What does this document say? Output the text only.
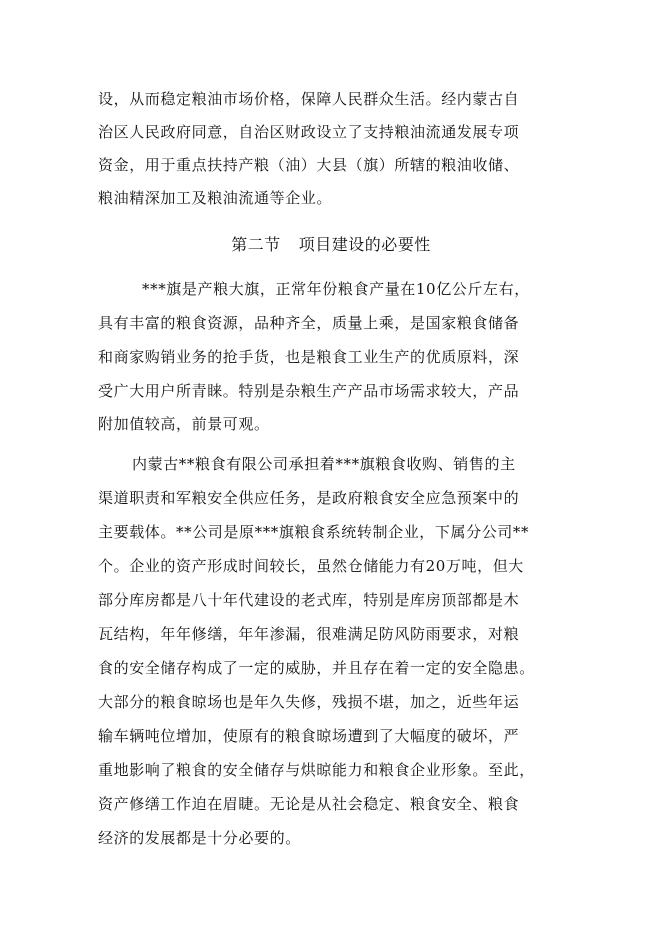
设，从而稳定粮油市场价格，保障人民群众生活。经内蒙古自
治区人民政府同意，自治区财政设立了支持粮油流通发展专项
资金，用于重点扶持产粮（油）大县（旗）所辖的粮油收储、
粮油精深加工及粮油流通等企业。
第二节 项目建设的必要性
***旗是产粮大旗，正常年份粮食产量在10亿公斤左右，
具有丰富的粮食资源，品种齐全，质量上乘，是国家粮食储备
和商家购销业务的抢手货，也是粮食工业生产的优质原料，深
受广大用户所青睐。特别是杂粮生产产品市场需求较大，产品
附加值较高，前景可观。
内蒙古**粮食有限公司承担着***旗粮食收购、销售的主
渠道职责和军粮安全供应任务，是政府粮食安全应急预案中的
主要载体。**公司是原***旗粮食系统转制企业，下属分公司**
个。企业的资产形成时间较长，虽然仓储能力有20万吨，但大
部分库房都是八十年代建设的老式库，特别是库房顶部都是木
瓦结构，年年修缮，年年渗漏，很难满足防风防雨要求，对粮
食的安全储存构成了一定的威胁，并且存在着一定的安全隐患。
大部分的粮食晾场也是年久失修，残损不堪，加之，近些年运
输车辆吨位增加，使原有的粮食晾场遭到了大幅度的破坏，严
重地影响了粮食的安全储存与烘晾能力和粮食企业形象。至此，
资产修缮工作迫在眉睫。无论是从社会稳定、粮食安全、粮食
经济的发展都是十分必要的。
